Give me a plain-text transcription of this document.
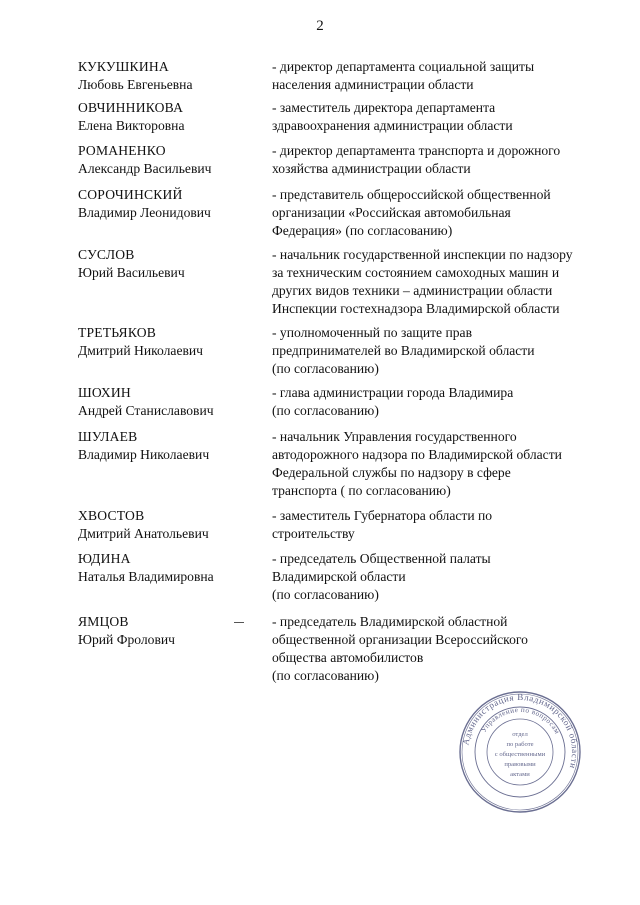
2
КУКУШКИНА
Любовь Евгеньевна
- директор департамента социальной защиты
населения администрации области
ОВЧИННИКОВА
Елена Викторовна
- заместитель директора департамента
здравоохранения администрации области
РОМАНЕНКО
Александр Васильевич
- директор департамента транспорта и дорожного
хозяйства администрации области
СОРОЧИНСКИЙ
Владимир Леонидович
- представитель общероссийской общественной
организации «Российская автомобильная
Федерация» (по согласованию)
СУСЛОВ
Юрий Васильевич
- начальник государственной инспекции по надзору
за техническим состоянием самоходных машин и
других видов техники – администрации области
Инспекции гостехнадзора Владимирской области
ТРЕТЬЯКОВ
Дмитрий Николаевич
- уполномоченный по защите прав
предпринимателей во Владимирской области
(по согласованию)
ШОХИН
Андрей Станиславович
- глава администрации города Владимира
(по согласованию)
ШУЛАЕВ
Владимир Николаевич
- начальник Управления государственного
автодорожного надзора по Владимирской области
Федеральной службы по надзору в сфере
транспорта ( по согласованию)
ХВОСТОВ
Дмитрий Анатольевич
- заместитель Губернатора области по
строительству
ЮДИНА
Наталья Владимировна
- председатель Общественной палаты
Владимирской области
(по согласованию)
ЯМЦОВ
Юрий Фролович
- председатель Владимирской областной
общественной организации Всероссийского
общества автомобилистов
(по согласованию)
Администрация Владимирской области
Управление по вопросам
отдел
по работе
с общественными
правовыми
актами
